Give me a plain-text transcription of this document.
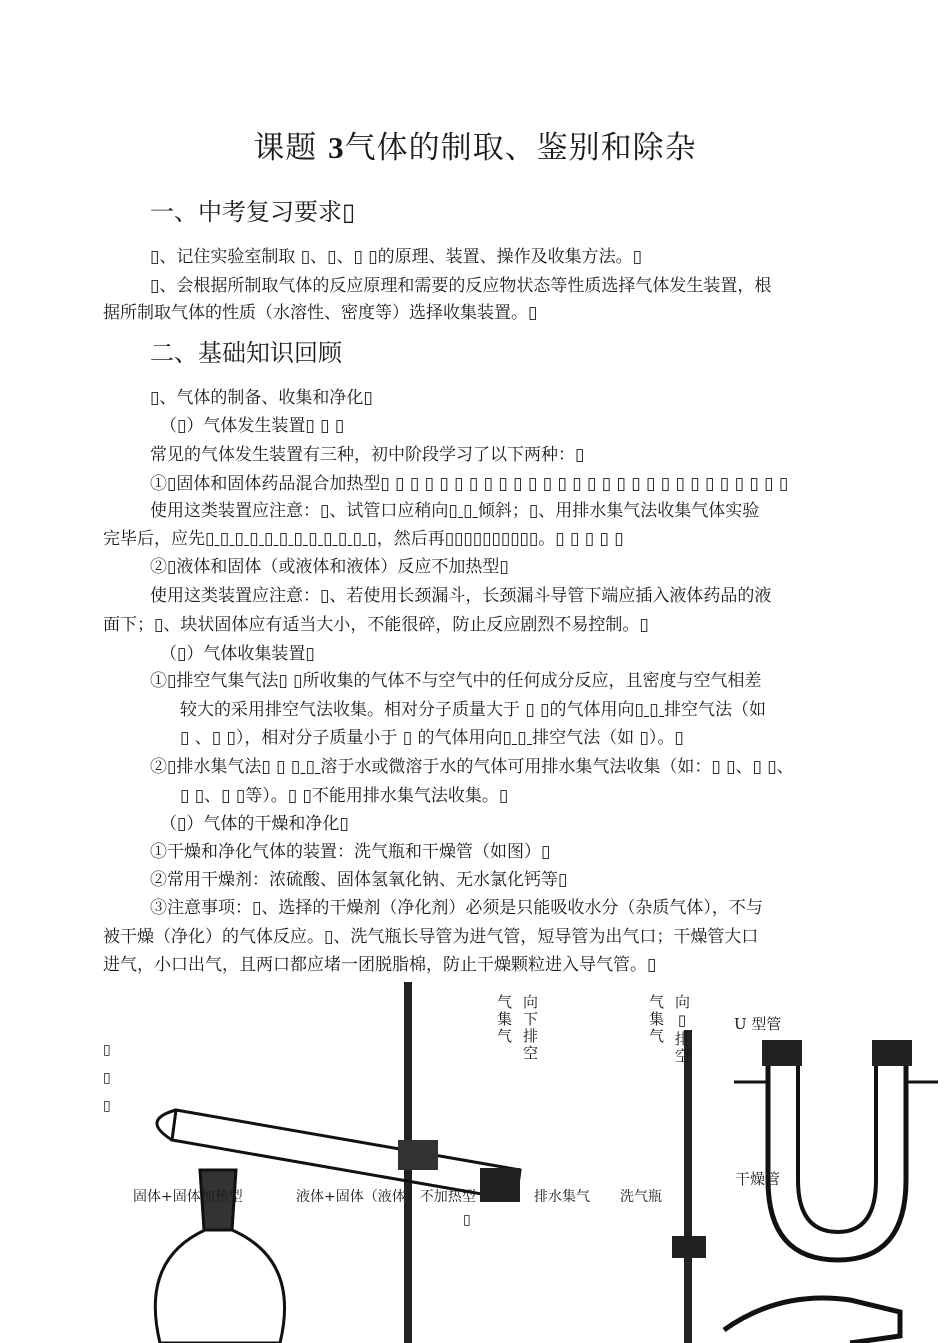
课题 3气体的制取、鉴别和除杂
一、中考复习要求▯
▯、记住实验室制取 ▯、▯、▯ ▯的原理、装置、操作及收集方法。▯
▯、会根据所制取气体的反应原理和需要的反应物状态等性质选择气体发生装置，根
据所制取气体的性质（水溶性、密度等）选择收集装置。▯
二、基础知识回顾
▯、气体的制备、收集和净化▯
（▯）气体发生装置▯ ▯ ▯
常见的气体发生装置有三种，初中阶段学习了以下两种：▯
①▯固体和固体药品混合加热型▯ ▯ ▯ ▯ ▯ ▯ ▯ ▯ ▯ ▯ ▯ ▯ ▯ ▯ ▯ ▯ ▯ ▯ ▯ ▯ ▯ ▯ ▯ ▯ ▯ ▯ ▯ ▯
使用这类装置应注意：▯、试管口应稍向▯ ▯ 倾斜；▯、用排水集气法收集气体实验
完毕后，应先▯ ▯ ▯ ▯ ▯ ▯ ▯ ▯ ▯ ▯ ▯ ▯，然后再▯▯▯▯▯▯▯▯▯▯。▯ ▯ ▯ ▯ ▯
②▯液体和固体（或液体和液体）反应不加热型▯
使用这类装置应注意：▯、若使用长颈漏斗，长颈漏斗导管下端应插入液体药品的液
面下；▯、块状固体应有适当大小，不能很碎，防止反应剧烈不易控制。▯
（▯）气体收集装置▯
①▯排空气集气法▯ ▯所收集的气体不与空气中的任何成分反应，且密度与空气相差
较大的采用排空气法收集。相对分子质量大于 ▯ ▯的气体用向▯ ▯ 排空气法（如
▯ 、▯ ▯），相对分子质量小于 ▯ 的气体用向▯ ▯ 排空气法（如 ▯）。▯
②▯排水集气法▯ ▯ ▯ ▯ 溶于水或微溶于水的气体可用排水集气法收集（如：▯ ▯、▯ ▯、
▯ ▯、▯ ▯等）。▯ ▯不能用排水集气法收集。▯
（▯）气体的干燥和净化▯
①干燥和净化气体的装置：洗气瓶和干燥管（如图）▯
②常用干燥剂：浓硫酸、固体氢氧化钠、无水氯化钙等▯
③注意事项：▯、选择的干燥剂（净化剂）必须是只能吸收水分（杂质气体），不与
被干燥（净化）的气体反应。▯、洗气瓶长导管为进气管，短导管为出气口；干燥管大口
进气，小口出气，且两口都应堵一团脱脂棉，防止干燥颗粒进入导气管。▯
气集气 向下排空	气集气 向▯排空	U 型管
干燥管
▯
▯
▯
固体+固体加热型	液体+固体（液体）不加热型	排水集气 洗气瓶
▯
